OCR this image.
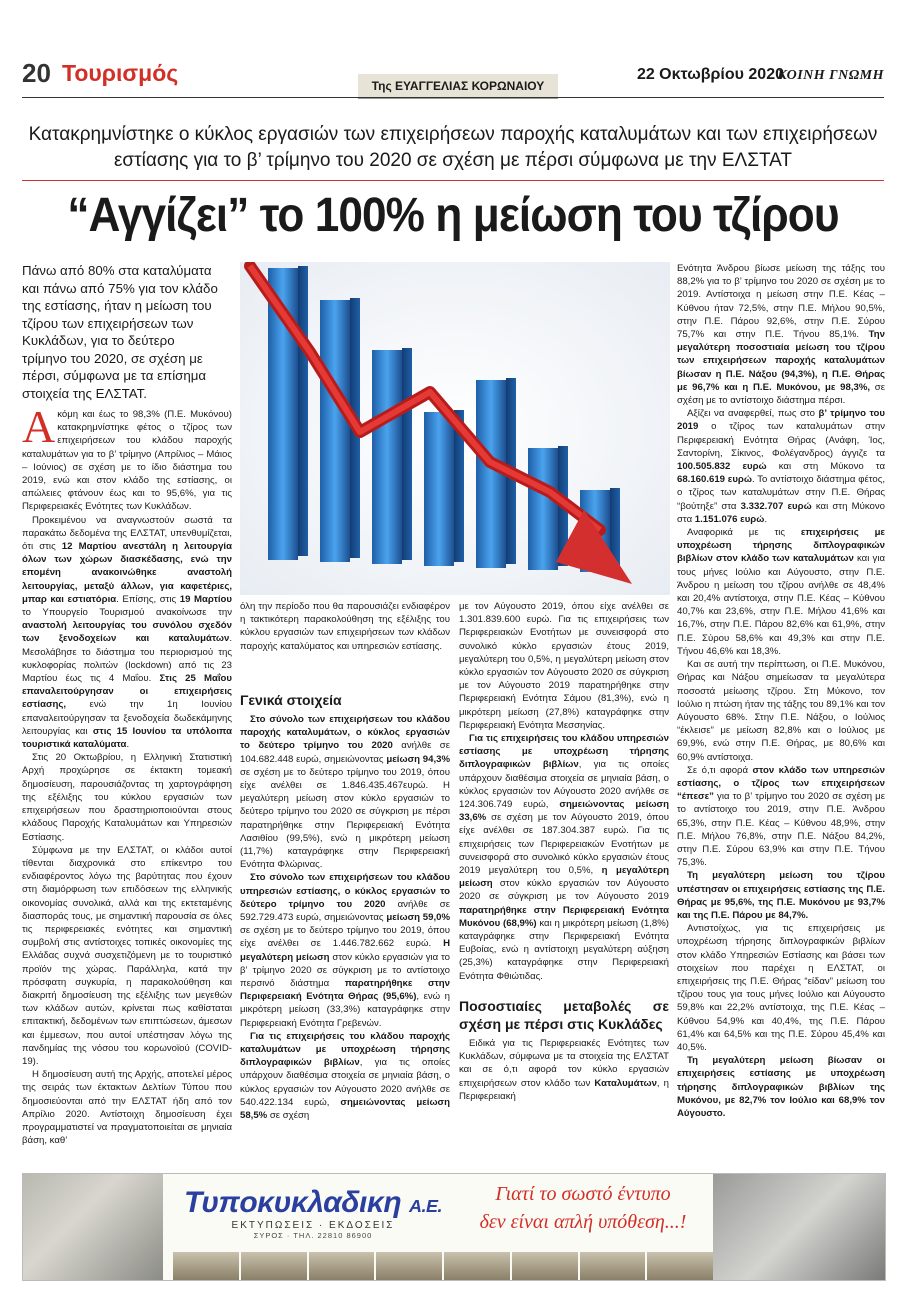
20 Τουρισμός	Της ΕΥΑΓΓΕΛΙΑΣ ΚΟΡΩΝΑΙΟΥ
22 Οκτωβρίου 2020
ΚΟΙΝΗ ΓΝΩΜΗ
Κατακρημνίστηκε ο κύκλος εργασιών των επιχειρήσεων παροχής καταλυμάτων και των επιχειρήσεων εστίασης για το β’ τρίμηνο του 2020 σε σχέση με πέρσι σύμφωνα με την ΕΛΣΤΑΤ
“Αγγίζει” το 100% η μείωση του τζίρου
Πάνω από 80% στα καταλύματα και πάνω από 75% για τον κλάδο της εστίασης, ήταν η μείωση του τζίρου των επιχειρήσεων των Κυκλάδων, για το δεύτερο τρίμηνο του 2020, σε σχέση με πέρσι, σύμφωνα με τα επίσημα στοιχεία της ΕΛΣΤΑΤ.

Ακόμη και έως το 98,3% (Π.Ε. Μυκόνου) κατακρημνίστηκε φέτος ο τζίρος των επιχειρήσεων του κλάδου παροχής καταλυμάτων για το β’ τρίμηνο (Απρίλιος – Μάιος – Ιούνιος) σε σχέση με το ίδιο διάστημα του 2019, ενώ και στον κλάδο της εστίασης, οι απώλειες φτάνουν έως και το 95,6%, για τις Περιφερειακές Ενότητες των Κυκλάδων.

Προκειμένου να αναγνωστούν σωστά τα παρακάτω δεδομένα της ΕΛΣΤΑΤ, υπενθυμίζεται, ότι στις 12 Μαρτίου ανεστάλη η λειτουργία όλων των χώρων διασκέδασης, ενώ την επομένη ανακοινώθηκε αναστολή λειτουργίας, μεταξύ άλλων, για καφετέριες, μπαρ και εστιατόρια. Επίσης, στις 19 Μαρτίου το Υπουργείο Τουρισμού ανακοίνωσε την αναστολή λειτουργίας του συνόλου σχεδόν των ξενοδοχείων και καταλυμάτων. Μεσολάβησε το διάστημα του περιορισμού της κυκλοφορίας πολιτών (lockdown) από τις 23 Μαρτίου έως τις 4 Μαΐου. Στις 25 Μαΐου επαναλειτούργησαν οι επιχειρήσεις εστίασης, ενώ την 1η Ιουνίου επαναλειτούργησαν τα ξενοδοχεία δωδεκάμηνης λειτουργίας και στις 15 Ιουνίου τα υπόλοιπα τουριστικά καταλύματα.

Στις 20 Οκτωβρίου, η Ελληνική Στατιστική Αρχή προχώρησε σε έκτακτη τομεακή δημοσίευση, παρουσιάζοντας τη χαρτογράφηση της εξέλιξης του κύκλου εργασιών των επιχειρήσεων που δραστηριοποιούνται στους κλάδους Παροχής Καταλυμάτων και Υπηρεσιών Εστίασης.

Σύμφωνα με την ΕΛΣΤΑΤ, οι κλάδοι αυτοί τίθενται διαχρονικά στο επίκεντρο του ενδιαφέροντος λόγω της βαρύτητας που έχουν στη διαμόρφωση των επιδόσεων της ελληνικής οικονομίας συνολικά, αλλά και της εκτεταμένης διασποράς τους, με σημαντική παρουσία σε όλες τις περιφερειακές ενότητες και σημαντική συμβολή στις αντίστοιχες τοπικές οικονομίες της Ελλάδας συχνά συσχετιζόμενη με το τουριστικό προϊόν της χώρας. Παράλληλα, κατά την πρόσφατη συγκυρία, η παρακολούθηση και διακριτή δημοσίευση της εξέλιξης των μεγεθών των κλάδων αυτών, κρίνεται πως καθίσταται επιτακτική, δεδομένων των επιπτώσεων, άμεσων και έμμεσων, που αυτοί υπέστησαν λόγω της πανδημίας της νόσου του κορωνοϊού (COVID-19).

Η δημοσίευση αυτή της Αρχής, αποτελεί μέρος της σειράς των έκτακτων Δελτίων Τύπου που δημοσιεύονται από την ΕΛΣΤΑΤ ήδη από τον Απρίλιο 2020. Αντίστοιχη δημοσίευση έχει προγραμματιστεί να πραγματοποιείται σε μηνιαία βάση, καθ’

όλη την περίοδο που θα παρουσιάζει ενδιαφέρον η τακτικότερη παρακολούθηση της εξέλιξης του κύκλου εργασιών των επιχειρήσεων των κλάδων παροχής καταλύματος και υπηρεσιών εστίασης.

Γενικά στοιχεία

Στο σύνολο των επιχειρήσεων του κλάδου παροχής καταλυμάτων, ο κύκλος εργασιών το δεύτερο τρίμηνο του 2020 ανήλθε σε 104.682.448 ευρώ, σημειώνοντας μείωση 94,3% σε σχέση με το δεύτερο τρίμηνο του 2019, όπου είχε ανέλθει σε 1.846.435.467ευρώ. Η μεγαλύτερη μείωση στον κύκλο εργασιών το δεύτερο τρίμηνο του 2020 σε σύγκριση με πέρσι παρατηρήθηκε στην Περιφερειακή Ενότητα Λασιθίου (99,5%), ενώ η μικρότερη μείωση (11,7%) καταγράφηκε στην Περιφερειακή Ενότητα Φλώρινας.

Στο σύνολο των επιχειρήσεων του κλάδου υπηρεσιών εστίασης, ο κύκλος εργασιών το δεύτερο τρίμηνο του 2020 ανήλθε σε 592.729.473 ευρώ, σημειώνοντας μείωση 59,0% σε σχέση με το δεύτερο τρίμηνο του 2019, όπου είχε ανέλθει σε 1.446.782.662 ευρώ. Η μεγαλύτερη μείωση στον κύκλο εργασιών για το β’ τρίμηνο 2020 σε σύγκριση με το αντίστοιχο περσινό διάστημα παρατηρήθηκε στην Περιφερειακή Ενότητα Θήρας (95,6%), ενώ η μικρότερη μείωση (33,3%) καταγράφηκε στην Περιφερειακή Ενότητα Γρεβενών.

Για τις επιχειρήσεις του κλάδου παροχής καταλυμάτων με υποχρέωση τήρησης διπλογραφικών βιβλίων, για τις οποίες υπάρχουν διαθέσιμα στοιχεία σε μηνιαία βάση, ο κύκλος εργασιών τον Αύγουστο 2020 ανήλθε σε 540.422.134 ευρώ, σημειώνοντας μείωση 58,5% σε σχέση

με τον Αύγουστο 2019, όπου είχε ανέλθει σε 1.301.839.600 ευρώ. Για τις επιχειρήσεις των Περιφερειακών Ενοτήτων με συνεισφορά στο συνολικό κύκλο εργασιών έτους 2019, μεγαλύτερη του 0,5%, η μεγαλύτερη μείωση στον κύκλο εργασιών τον Αύγουστο 2020 σε σύγκριση με τον Αύγουστο 2019 παρατηρήθηκε στην Περιφερειακή Ενότητα Σάμου (81,3%), ενώ η μικρότερη μείωση (27,8%) καταγράφηκε στην Περιφερειακή Ενότητα Μεσσηνίας.

Για τις επιχειρήσεις του κλάδου υπηρεσιών εστίασης με υποχρέωση τήρησης διπλογραφικών βιβλίων, για τις οποίες υπάρχουν διαθέσιμα στοιχεία σε μηνιαία βάση, ο κύκλος εργασιών τον Αύγουστο 2020 ανήλθε σε 124.306.749 ευρώ, σημειώνοντας μείωση 33,6% σε σχέση με τον Αύγουστο 2019, όπου είχε ανέλθει σε 187.304.387 ευρώ. Για τις επιχειρήσεις των Περιφερειακών Ενοτήτων με συνεισφορά στο συνολικό κύκλο εργασιών έτους 2019 μεγαλύτερη του 0,5%, η μεγαλύτερη μείωση στον κύκλο εργασιών τον Αύγουστο 2020 σε σύγκριση με τον Αύγουστο 2019 παρατηρήθηκε στην Περιφερειακή Ενότητα Μυκόνου (68,9%) και η μικρότερη μείωση (1,8%) καταγράφηκε στην Περιφερειακή Ενότητα Ευβοίας, ενώ η αντίστοιχη μεγαλύτερη αύξηση (25,3%) καταγράφηκε στην Περιφερειακή Ενότητα Φθιώτιδας.

Ποσοστιαίες μεταβολές σε σχέση με πέρσι στις Κυκλάδες

Ειδικά για τις Περιφερειακές Ενότητες των Κυκλάδων, σύμφωνα με τα στοιχεία της ΕΛΣΤΑΤ και σε ό,τι αφορά τον κύκλο εργασιών επιχειρήσεων στον κλάδο των Καταλυμάτων, η Περιφερειακή

Ενότητα Άνδρου βίωσε μείωση της τάξης του 88,2% για το β’ τρίμηνο του 2020 σε σχέση με το 2019. Αντίστοιχα η μείωση στην Π.Ε. Κέας – Κύθνου ήταν 72,5%, στην Π.Ε. Μήλου 90,5%, στην Π.Ε. Πάρου 92,6%, στην Π.Ε. Σύρου 75,7% και στην Π.Ε. Τήνου 85,1%. Την μεγαλύτερη ποσοστιαία μείωση του τζίρου των επιχειρήσεων παροχής καταλυμάτων βίωσαν η Π.Ε. Νάξου (94,3%), η Π.Ε. Θήρας με 96,7% και η Π.Ε. Μυκόνου, με 98,3%, σε σχέση με το αντίστοιχο διάστημα πέρσι.

Αξίζει να αναφερθεί, πως στο β’ τρίμηνο του 2019 ο τζίρος των καταλυμάτων στην Περιφερειακή Ενότητα Θήρας (Ανάφη, Ίος, Σαντορίνη, Σίκινος, Φολέγανδρος) άγγιζε τα 100.505.832 ευρώ και στη Μύκονο τα 68.160.619 ευρώ. Το αντίστοιχο διάστημα φέτος, ο τζίρος των καταλυμάτων στην Π.Ε. Θήρας “βούτηξε” στα 3.332.707 ευρώ και στη Μύκονο στα 1.151.076 ευρώ.

Αναφορικά με τις επιχειρήσεις με υποχρέωση τήρησης διπλογραφικών βιβλίων στον κλάδο των καταλυμάτων και για τους μήνες Ιούλιο και Αύγουστο, στην Π.Ε. Άνδρου η μείωση του τζίρου ανήλθε σε 48,4% και 20,4% αντίστοιχα, στην Π.Ε. Κέας – Κύθνου 40,7% και 23,6%, στην Π.Ε. Μήλου 41,6% και 16,7%, στην Π.Ε. Πάρου 82,6% και 61,9%, στην Π.Ε. Σύρου 58,6% και 49,3% και στην Π.Ε. Τήνου 46,6% και 18,3%.

Και σε αυτή την περίπτωση, οι Π.Ε. Μυκόνου, Θήρας και Νάξου σημείωσαν τα μεγαλύτερα ποσοστά μείωσης τζίρου. Στη Μύκονο, τον Ιούλιο η πτώση ήταν της τάξης του 89,1% και τον Αύγουστο 68%. Στην Π.Ε. Νάξου, ο Ιούλιος “έκλεισε” με μείωση 82,8% και ο Ιούλιος με 69,9%, ενώ στην Π.Ε. Θήρας, με 80,6% και 60,9% αντίστοιχα.

Σε ό,τι αφορά στον κλάδο των υπηρεσιών εστίασης, ο τζίρος των επιχειρήσεων “έπεσε” για το β’ τρίμηνο του 2020 σε σχέση με το αντίστοιχο του 2019, στην Π.Ε. Άνδρου 65,3%, στην Π.Ε. Κέας – Κύθνου 48,9%, στην Π.Ε. Μήλου 76,8%, στην Π.Ε. Νάξου 84,2%, στην Π.Ε. Σύρου 63,9% και στην Π.Ε. Τήνου 75,3%.

Τη μεγαλύτερη μείωση του τζίρου υπέστησαν οι επιχειρήσεις εστίασης της Π.Ε. Θήρας με 95,6%, της Π.Ε. Μυκόνου με 93,7% και της Π.Ε. Πάρου με 84,7%.

Αντιστοίχως, για τις επιχειρήσεις με υποχρέωση τήρησης διπλογραφικών βιβλίων στον κλάδο Υπηρεσιών Εστίασης και βάσει των στοιχείων που παρέχει η ΕΛΣΤΑΤ, οι επιχειρήσεις της Π.Ε. Θήρας “είδαν” μείωση του τζίρου τους για τους μήνες Ιούλιο και Αύγουστο 59,8% και 22,2% αντίστοιχα, της Π.Ε. Κέας – Κύθνου 54,9% και 40,4%, της Π.Ε. Πάρου 61,4% και 64,5% και της Π.Ε. Σύρου 45,4% και 40,5%.

Τη μεγαλύτερη μείωση βίωσαν οι επιχειρήσεις εστίασης με υποχρέωση τήρησης διπλογραφικών βιβλίων της Μυκόνου, με 82,7% τον Ιούλιο και 68,9% τον Αύγουστο.

Τυποκυκλαδικη Α.Ε.
ΕΚΤΥΠΩΣΕΙΣ · ΕΚΔΟΣΕΙΣ
ΣΥΡΟΣ · ΤΗΛ. 22810 86900
Γιατί το σωστό έντυπο
δεν είναι απλή υπόθεση...!
